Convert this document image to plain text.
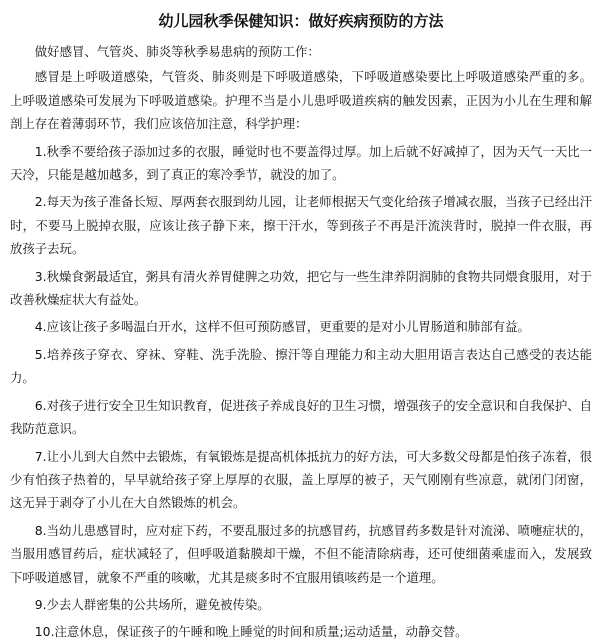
幼儿园秋季保健知识：做好疾病预防的方法

做好感冒、气管炎、肺炎等秋季易患病的预防工作：

感冒是上呼吸道感染，气管炎、肺炎则是下呼吸道感染，下呼吸道感染要比上呼吸道感染严重的多。上呼吸道感染可发展为下呼吸道感染。护理不当是小儿患呼吸道疾病的触发因素，正因为小儿在生理和解剖上存在着薄弱环节，我们应该倍加注意，科学护理：

1.秋季不要给孩子添加过多的衣服，睡觉时也不要盖得过厚。加上后就不好减掉了，因为天气一天比一天冷，只能是越加越多，到了真正的寒冷季节，就没的加了。

2.每天为孩子准备长短、厚两套衣服到幼儿园，让老师根据天气变化给孩子增减衣服，当孩子已经出汗时，不要马上脱掉衣服，应该让孩子静下来，擦干汗水，等到孩子不再是汗流浃背时，脱掉一件衣服，再放孩子去玩。

3.秋燥食粥最适宜，粥具有清火养胃健脾之功效，把它与一些生津养阴润肺的食物共同煨食服用，对于改善秋燥症状大有益处。

4.应该让孩子多喝温白开水，这样不但可预防感冒，更重要的是对小儿胃肠道和肺部有益。

5.培养孩子穿衣、穿袜、穿鞋、洗手洗脸、擦汗等自理能力和主动大胆用语言表达自己感受的表达能力。

6.对孩子进行安全卫生知识教育，促进孩子养成良好的卫生习惯，增强孩子的安全意识和自我保护、自我防范意识。

7.让小儿到大自然中去锻炼，有氧锻炼是提高机体抵抗力的好方法，可大多数父母都是怕孩子冻着，很少有怕孩子热着的，早早就给孩子穿上厚厚的衣服，盖上厚厚的被子，天气刚刚有些凉意，就闭门闭窗，这无异于剥夺了小儿在大自然锻炼的机会。

8.当幼儿患感冒时，应对症下药，不要乱服过多的抗感冒药，抗感冒药多数是针对流涕、喷嚏症状的，当服用感冒药后，症状减轻了，但呼吸道黏膜却干燥，不但不能清除病毒，还可使细菌乘虚而入，发展致下呼吸道感冒，就象不严重的咳嗽，尤其是痰多时不宜服用镇咳药是一个道理。

9.少去人群密集的公共场所，避免被传染。

10.注意休息，保证孩子的午睡和晚上睡觉的时间和质量;运动适量，动静交替。
